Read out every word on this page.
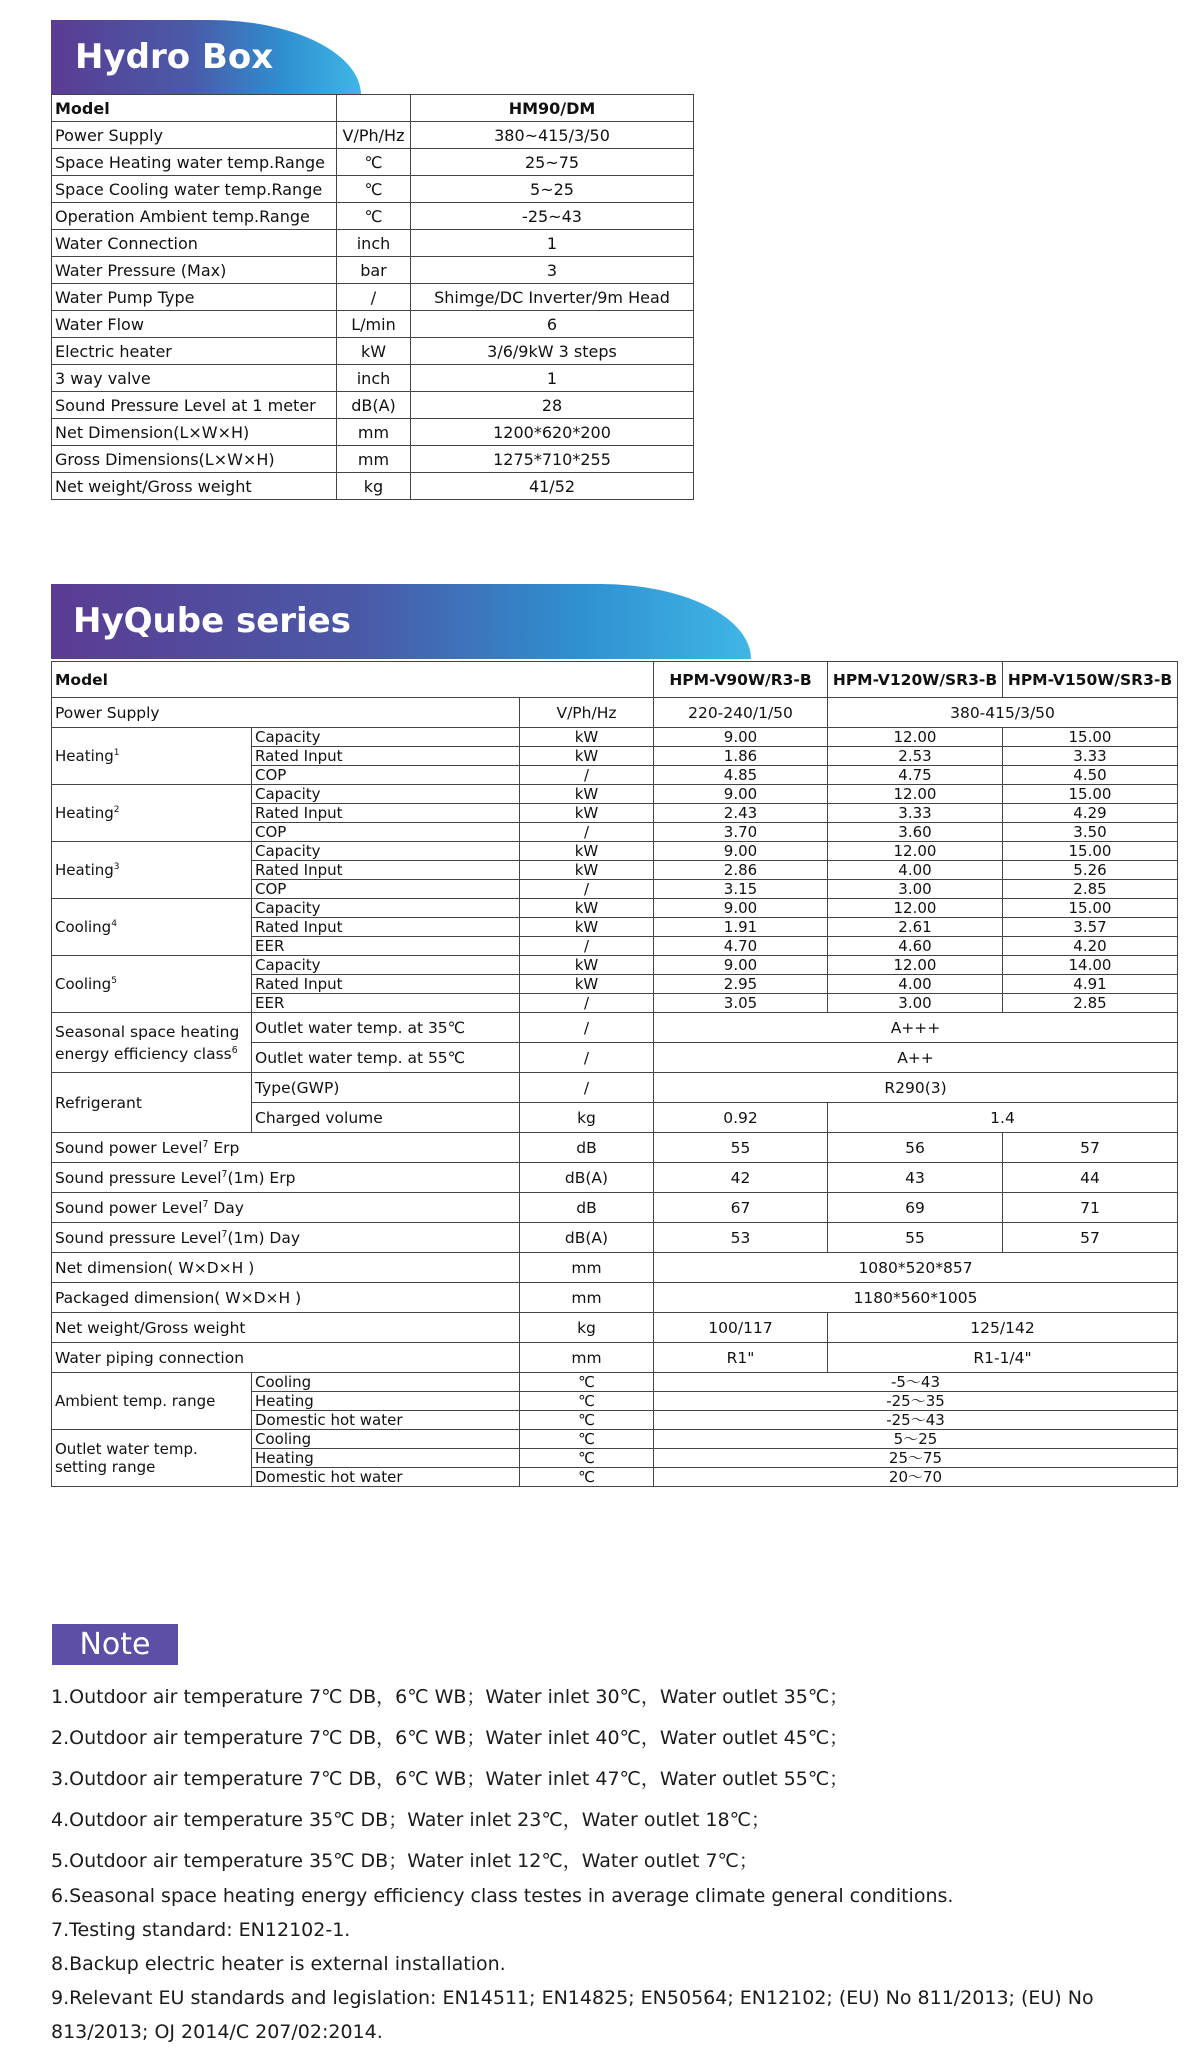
Hydro Box
Model		HM90/DM
Power Supply	V/Ph/Hz	380~415/3/50
Space Heating water temp.Range	℃	25~75
Space Cooling water temp.Range	℃	5~25
Operation Ambient temp.Range	℃	-25~43
Water Connection	inch	1
Water Pressure (Max)	bar	3
Water Pump Type	/	Shimge/DC Inverter/9m Head
Water Flow	L/min	6
Electric heater	kW	3/6/9kW 3 steps
3 way valve	inch	1
Sound Pressure Level at 1 meter	dB(A)	28
Net Dimension(L×W×H)	mm	1200*620*200
Gross Dimensions(L×W×H)	mm	1275*710*255
Net weight/Gross weight	kg	41/52
HyQube series
Model			HPM-V90W/R3-B	HPM-V120W/SR3-B	HPM-V150W/SR3-B
Power Supply		V/Ph/Hz	220-240/1/50	380-415/3/50	
Heating$^1$	Capacity	kW	9.00	12.00	15.00
	Rated Input	kW	1.86	2.53	3.33
	COP	/	4.85	4.75	4.50
Heating$^2$	Capacity	kW	9.00	12.00	15.00
	Rated Input	kW	2.43	3.33	4.29
	COP	/	3.70	3.60	3.50
Heating$^3$	Capacity	kW	9.00	12.00	15.00
	Rated Input	kW	2.86	4.00	5.26
	COP	/	3.15	3.00	2.85
Cooling$^4$	Capacity	kW	9.00	12.00	15.00
	Rated Input	kW	1.91	2.61	3.57
	EER	/	4.70	4.60	4.20
Cooling$^5$	Capacity	kW	9.00	12.00	14.00
	Rated Input	kW	2.95	4.00	4.91
	EER	/	3.05	3.00	2.85
Seasonal space heating
energy efficiency class$^6$	Outlet water temp. at 35℃	/	A+++		
	Outlet water temp. at 55℃	/	A++		
Refrigerant	Type(GWP)	/	R290(3)		
	Charged volume	kg	0.92	1.4	
Sound power Level$^7$ Erp		dB	55	56	57
Sound pressure Level$^7$(1m) Erp		dB(A)	42	43	44
Sound power Level$^7$ Day		dB	67	69	71
Sound pressure Level$^7$(1m) Day		dB(A)	53	55	57
Net dimension( W×D×H )		mm	1080*520*857		
Packaged dimension( W×D×H )		mm	1180*560*1005		
Net weight/Gross weight		kg	100/117	125/142	
Water piping connection		mm	R1"	R1-1/4"	
Ambient temp. range	Cooling	℃	-5～43		
	Heating	℃	-25～35		
	Domestic hot water	℃	-25～43		
Outlet water temp.
setting range	Cooling	℃	5～25		
	Heating	℃	25～75		
	Domestic hot water	℃	20～70		
Note
1.Outdoor air temperature 7℃ DB，6℃ WB；Water inlet 30℃，Water outlet 35℃；
2.Outdoor air temperature 7℃ DB，6℃ WB；Water inlet 40℃，Water outlet 45℃；
3.Outdoor air temperature 7℃ DB，6℃ WB；Water inlet 47℃，Water outlet 55℃；
4.Outdoor air temperature 35℃ DB；Water inlet 23℃，Water outlet 18℃；
5.Outdoor air temperature 35℃ DB；Water inlet 12℃，Water outlet 7℃；
6.Seasonal space heating energy efficiency class testes in average climate general conditions.
7.Testing standard: EN12102-1.
8.Backup electric heater is external installation.
9.Relevant EU standards and legislation: EN14511; EN14825; EN50564; EN12102; (EU) No 811/2013; (EU) No 813/2013; OJ 2014/C 207/02:2014.
